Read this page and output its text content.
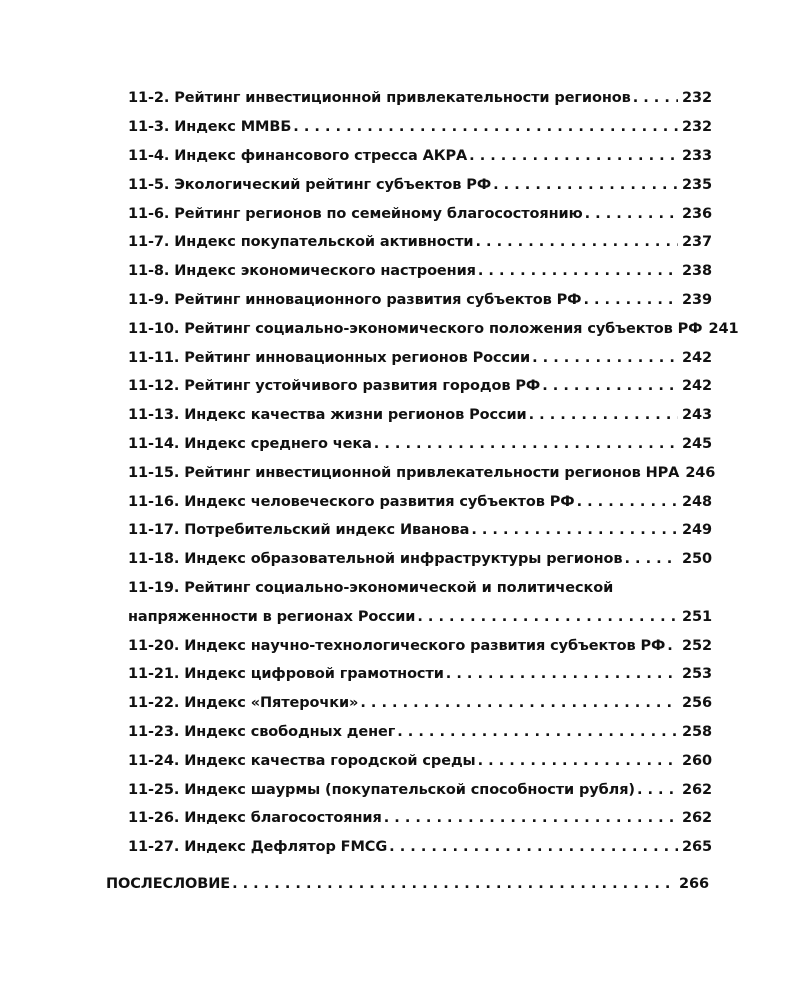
11-2. Рейтинг инвестиционной привлекательности регионов . . .	232
11-3. Индекс ММВБ . . .	232
11-4. Индекс финансового стресса АКРА . . .	233
11-5. Экологический рейтинг субъектов РФ . . .	235
11-6. Рейтинг регионов по семейному благосостоянию . . .	236
11-7. Индекс покупательской активности . . .	237
11-8. Индекс экономического настроения . . .	238
11-9. Рейтинг инновационного развития субъектов РФ . . .	239
11-10. Рейтинг социально-экономического положения субъектов РФ 241
11-11. Рейтинг инновационных регионов России . . .	242
11-12. Рейтинг устойчивого развития городов РФ . . .	242
11-13. Индекс качества жизни регионов России . . .	243
11-14. Индекс среднего чека . . .	245
11-15. Рейтинг инвестиционной привлекательности регионов НРА 246
11-16. Индекс человеческого развития субъектов РФ . . .	248
11-17. Потребительский индекс Иванова . . .	249
11-18. Индекс образовательной инфраструктуры регионов . . .	250
11-19. Рейтинг социально-экономической и политической
напряженности в регионах России . . .	251
11-20. Индекс научно-технологического развития субъектов РФ . . . 252
11-21. Индекс цифровой грамотности . . .	253
11-22. Индекс «Пятерочки» . . .	256
11-23. Индекс свободных денег . . .	258
11-24. Индекс качества городской среды . . .	260
11-25. Индекс шаурмы (покупательской способности рубля) . . .	262
11-26. Индекс благосостояния . . .	262
11-27. Индекс Дефлятор FMCG . . .	265
ПОСЛЕСЛОВИЕ . . .	266
